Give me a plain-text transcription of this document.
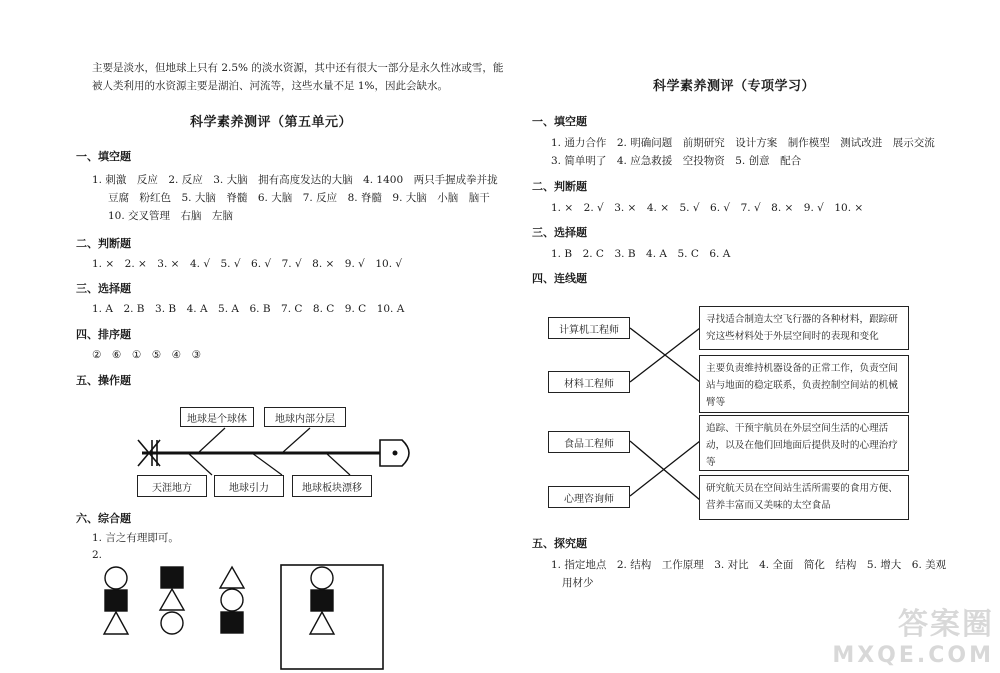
主要是淡水，但地球上只有 2.5% 的淡水资源，其中还有很大一部分是永久性冰或雪，能
被人类利用的水资源主要是湖泊、河流等，这些水量不足 1%，因此会缺水。
科学素养测评（第五单元）
一、填空题
1. 刺激　反应　2. 反应　3. 大脑　拥有高度发达的大脑　4. 1400　两只手握成拳并拢
豆腐　粉红色　5. 大脑　脊髓　6. 大脑　7. 反应　8. 脊髓　9. 大脑　小脑　脑干
10. 交叉管理　右脑　左脑
二、判断题
1. ×　2. ×　3. ×　4. √　5. √　6. √　7. √　8. ×　9. √　10. √
三、选择题
1. A　2. B　3. B　4. A　5. A　6. B　7. C　8. C　9. C　10. A
四、排序题
②　⑥　①　⑤　④　③
五、操作题
地球是个球体	地球内部分层
天涯地方	地球引力	地球板块漂移
六、综合题
1. 言之有理即可。
2.
科学素养测评（专项学习）
一、填空题
1. 通力合作　2. 明确问题　前期研究　设计方案　制作模型　测试改进　展示交流
3. 简单明了　4. 应急救援　空投物资　5. 创意　配合
二、判断题
1. ×　2. √　3. ×　4. ×　5. √　6. √　7. √　8. ×　9. √　10. ×
三、选择题
1. B　2. C　3. B　4. A　5. C　6. A
四、连线题
计算机工程师
材料工程师
食品工程师
心理咨询师
寻找适合制造太空飞行器的各种材料，跟踪研究这些材料处于外层空间时的表现和变化
主要负责维持机器设备的正常工作，负责空间站与地面的稳定联系，负责控制空间站的机械臂等
追踪、干预宇航员在外层空间生活的心理活动，以及在他们回地面后提供及时的心理治疗等
研究航天员在空间站生活所需要的食用方便、营养丰富而又美味的太空食品
五、探究题
1. 指定地点　2. 结构　工作原理　3. 对比　4. 全面　简化　结构　5. 增大　6. 美观
用材少
答案圈
MXQE.COM
